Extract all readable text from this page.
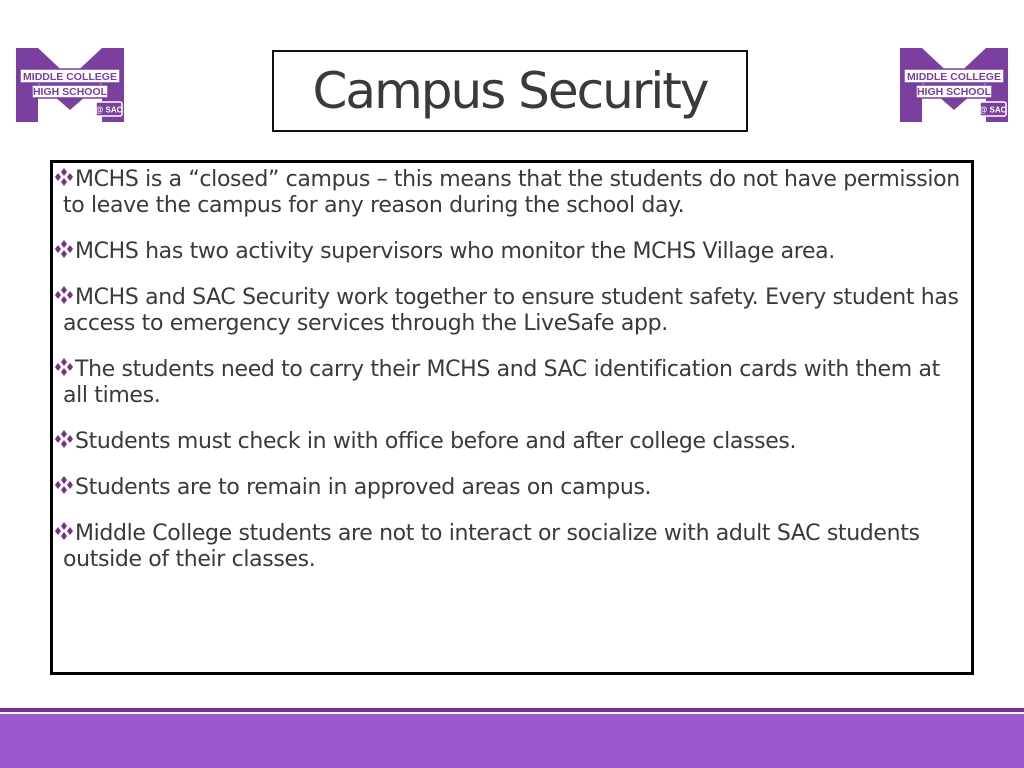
MIDDLE COLLEGE
HIGH SCHOOL
@ SAC
MIDDLE COLLEGE
HIGH SCHOOL
@ SAC
Campus Security
MCHS is a “closed” campus – this means that the students do not have permission to leave the campus for any reason during the school day.
MCHS has two activity supervisors who monitor the MCHS Village area.
MCHS and SAC Security work together to ensure student safety. Every student has access to emergency services through the LiveSafe app.
The students need to carry their MCHS and SAC identification cards with them at all times.
Students must check in with office before and after college classes.
Students are to remain in approved areas on campus.
Middle College students are not to interact or socialize with adult SAC students outside of their classes.
